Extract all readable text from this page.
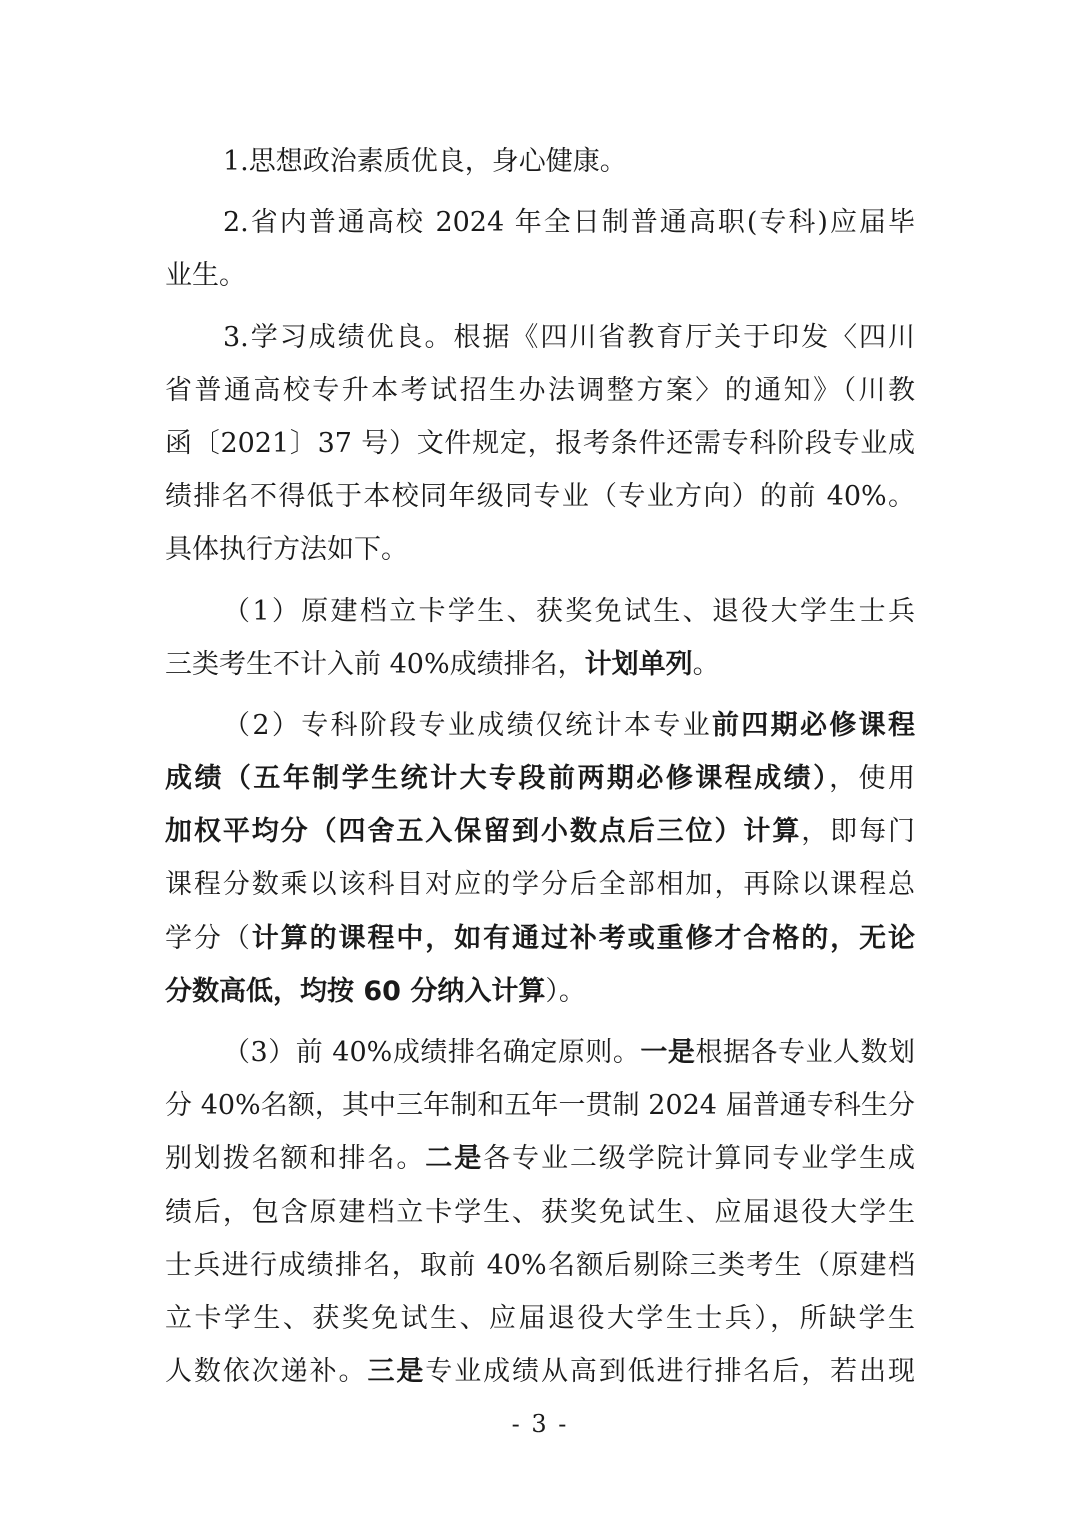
1.思想政治素质优良，身心健康。
2.省内普通高校 2024 年全日制普通高职(专科)应届毕
业生。
3.学习成绩优良。根据《四川省教育厅关于印发〈四川
省普通高校专升本考试招生办法调整方案〉的通知》（川教
函〔2021〕37 号）文件规定，报考条件还需专科阶段专业成
绩排名不得低于本校同年级同专业（专业方向）的前 40%。
具体执行方法如下。
（1）原建档立卡学生、获奖免试生、退役大学生士兵
三类考生不计入前 40%成绩排名，计划单列。
（2）专科阶段专业成绩仅统计本专业前四期必修课程
成绩（五年制学生统计大专段前两期必修课程成绩），使用
加权平均分（四舍五入保留到小数点后三位）计算，即每门
课程分数乘以该科目对应的学分后全部相加，再除以课程总
学分（计算的课程中，如有通过补考或重修才合格的，无论
分数高低，均按 60 分纳入计算）。
（3）前 40%成绩排名确定原则。一是根据各专业人数划
分 40%名额，其中三年制和五年一贯制 2024 届普通专科生分
别划拨名额和排名。二是各专业二级学院计算同专业学生成
绩后，包含原建档立卡学生、获奖免试生、应届退役大学生
士兵进行成绩排名，取前 40%名额后剔除三类考生（原建档
立卡学生、获奖免试生、应届退役大学生士兵），所缺学生
人数依次递补。三是专业成绩从高到低进行排名后，若出现
- 3 -
